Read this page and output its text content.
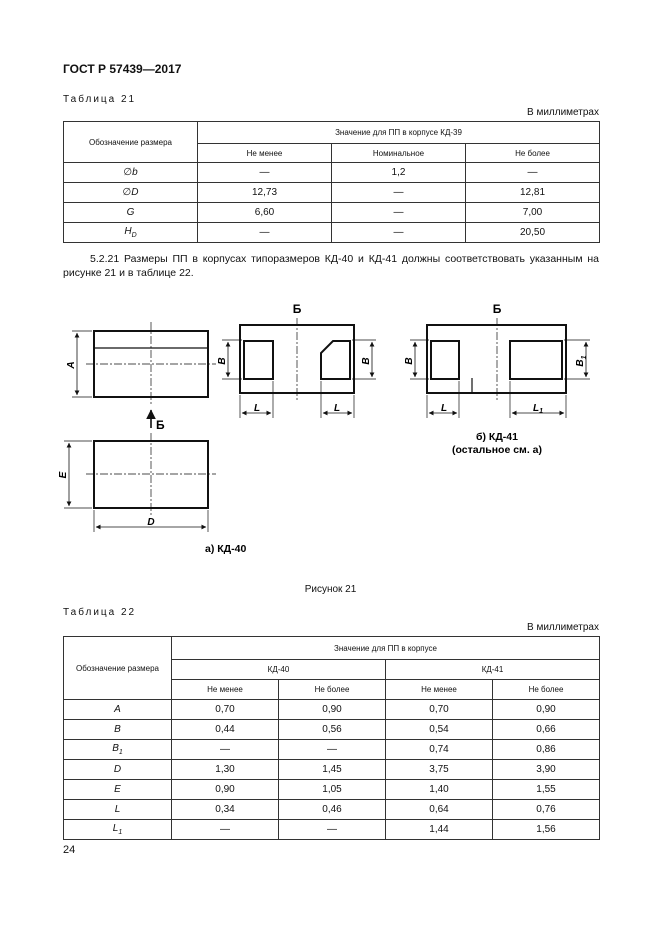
ГОСТ Р 57439—2017
Таблица 21
В миллиметрах
Обозначение размера	Значение для ПП в корпусе КД-39		
	Не менее	Номинальное	Не более
∅b	—	1,2	—
∅D	12,73	—	12,81
G	6,60	—	7,00
$H_D$	—	—	20,50
5.2.21 Размеры ПП в корпусах типоразмеров КД-40 и КД-41 должны соответствовать указанным на рисунке 21 и в таблице 22.
A
Б
E
D
а) КД-40
Б
B	B
L	L
Б
B	$B_1$
L	$L_1$
б) КД-41
(остальное см. а)
Рисунок 21
Таблица 22
В миллиметрах
Обозначение размера	Значение для ПП в корпусе			
	КД-40		КД-41	
	Не менее	Не более	Не менее	Не более
A	0,70	0,90	0,70	0,90
B	0,44	0,56	0,54	0,66
$B_1$	—	—	0,74	0,86
D	1,30	1,45	3,75	3,90
E	0,90	1,05	1,40	1,55
L	0,34	0,46	0,64	0,76
$L_1$	—	—	1,44	1,56
24
